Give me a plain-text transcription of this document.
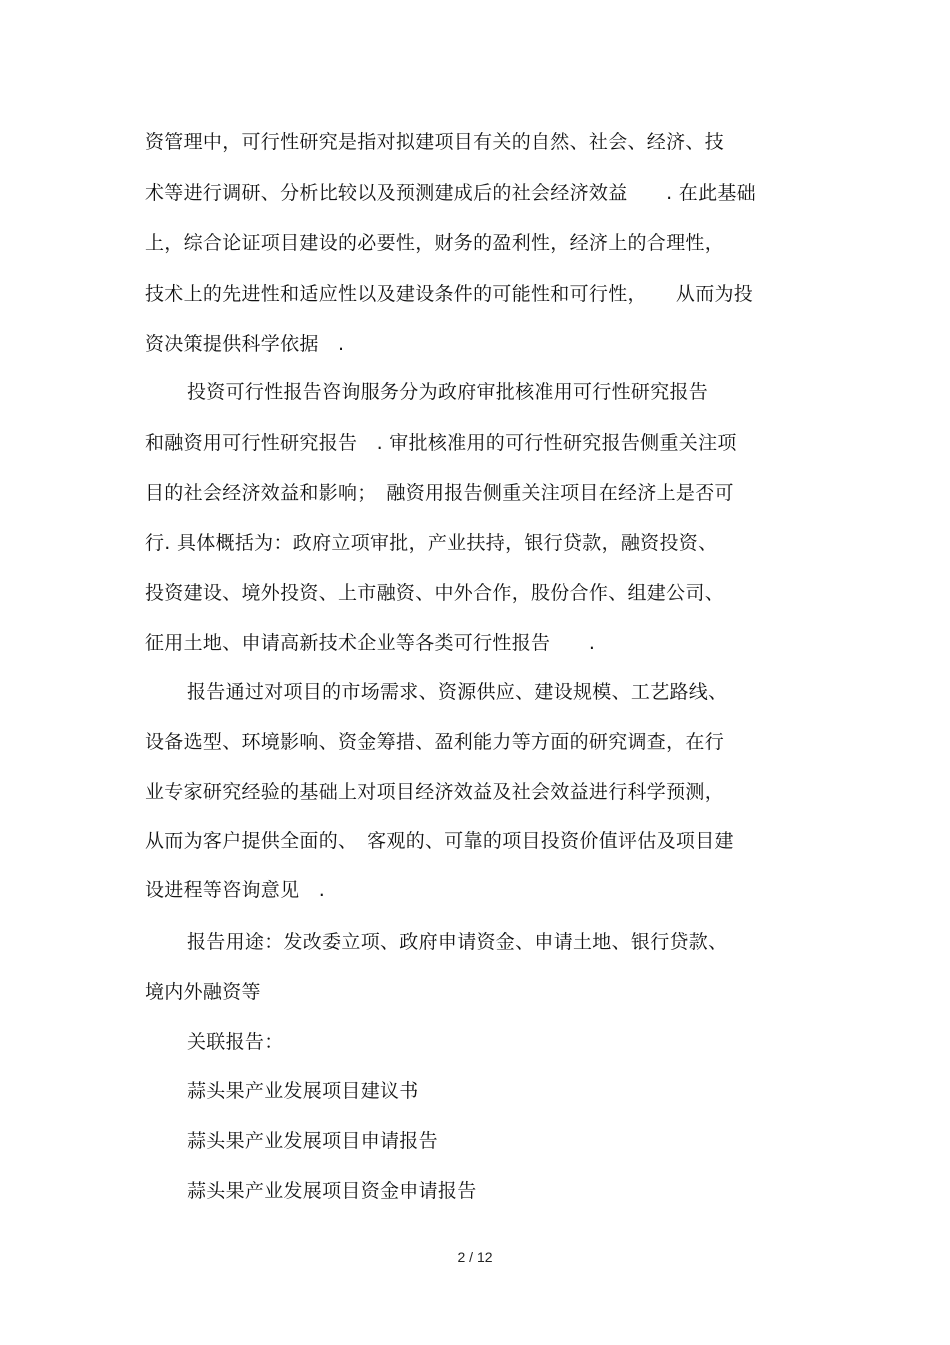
资管理中，可行性研究是指对拟建项目有关的自然、社会、经济、技
术等进行调研、分析比较以及预测建成后的社会经济效益　　. 在此基础
上，综合论证项目建设的必要性，财务的盈利性，经济上的合理性，
技术上的先进性和适应性以及建设条件的可能性和可行性，　　从而为投
资决策提供科学依据　.
投资可行性报告咨询服务分为政府审批核准用可行性研究报告
和融资用可行性研究报告　. 审批核准用的可行性研究报告侧重关注项
目的社会经济效益和影响；　融资用报告侧重关注项目在经济上是否可
行. 具体概括为：政府立项审批，产业扶持，银行贷款，融资投资、
投资建设、境外投资、上市融资、中外合作，股份合作、组建公司、
征用土地、申请高新技术企业等各类可行性报告　　.
报告通过对项目的市场需求、资源供应、建设规模、工艺路线、
设备选型、环境影响、资金筹措、盈利能力等方面的研究调查，在行
业专家研究经验的基础上对项目经济效益及社会效益进行科学预测，
从而为客户提供全面的、　客观的、可靠的项目投资价值评估及项目建
设进程等咨询意见　.
报告用途：发改委立项、政府申请资金、申请土地、银行贷款、
境内外融资等
关联报告：
蒜头果产业发展项目建议书
蒜头果产业发展项目申请报告
蒜头果产业发展项目资金申请报告
2 / 12
